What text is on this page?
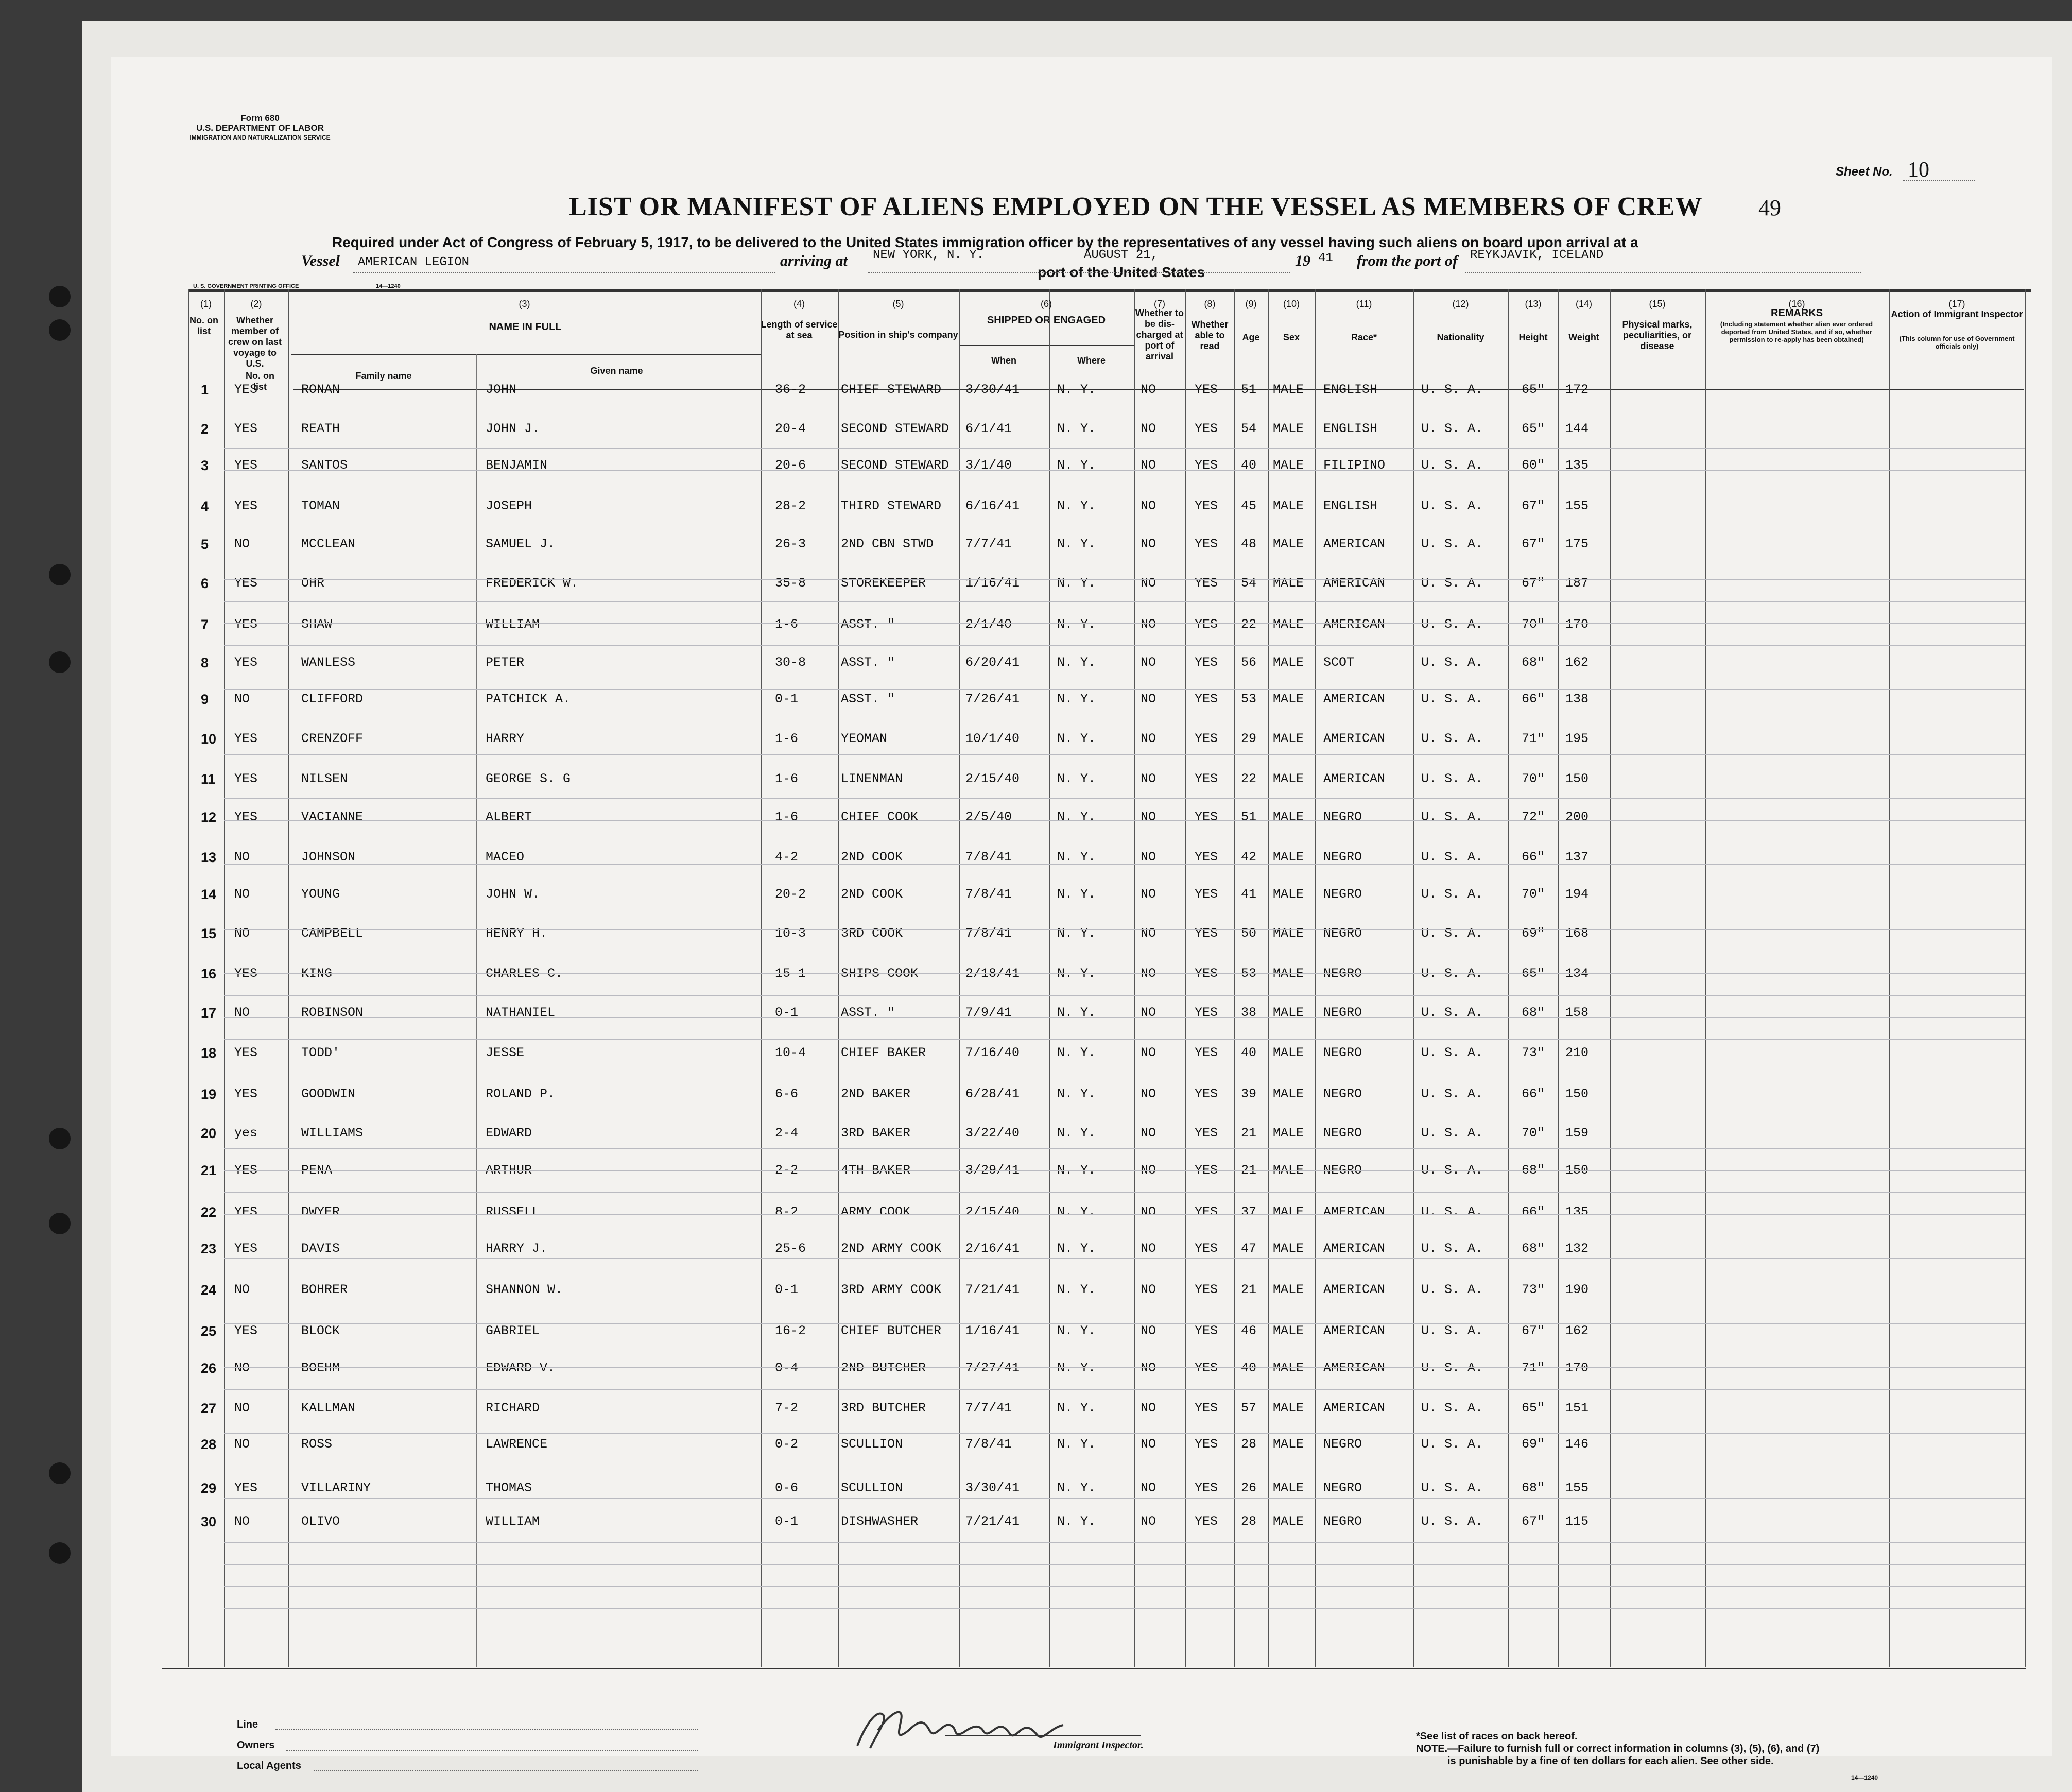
Form 680
U.S. DEPARTMENT OF LABOR
IMMIGRATION AND NATURALIZATION SERVICE
Sheet No. 10
LIST OR MANIFEST OF ALIENS EMPLOYED ON THE VESSEL AS MEMBERS OF CREW 49
Required under Act of Congress of February 5, 1917, to be delivered to the United States immigration officer by the representatives of any vessel having such aliens on board upon arrival at a
port of the United States
Vessel AMERICAN LEGION	arriving at NEW YORK, N. Y.	AUGUST 21,	19 41 from the port of REYKJAVIK, ICELAND
U. S. GOVERNMENT PRINTING OFFICE	14—1240
No. on list
No. on list
Whether member of crew on last voyage to U.S.
NAME IN FULL
Family name	Given name
Length of service at sea	Position in ship's company
SHIPPED OR ENGAGED
When	Where
Whether to be dis-charged at port of arrival
Whether able to read
Age	Sex	Race*	Nationality	Height	Weight
Physical marks, peculiarities, or disease
REMARKS
(Including statement whether alien ever ordered deported from United States, and if so, whether permission to re-apply has been obtained)
Action of Immigrant Inspector
(This column for use of Government officials only)
1 YES	RONAN	JOHN	36-2	CHIEF STEWARD 3/30/41	N. Y.	NO	YES 51 MALE ENGLISH	U. S. A.	65" 172
2 YES	REATH	JOHN J.	20-4	SECOND STEWARD 6/1/41	N. Y.	NO	YES 54 MALE ENGLISH	U. S. A.	65" 144
3 YES	SANTOS	BENJAMIN	20-6	SECOND STEWARD 3/1/40	N. Y.	NO	YES 40 MALE FILIPINO	U. S. A.	60" 135
4 YES	TOMAN	JOSEPH	28-2	THIRD STEWARD 6/16/41	N. Y.	NO	YES 45 MALE ENGLISH	U. S. A.	67" 155
5 NO	MCCLEAN	SAMUEL J.	26-3	2ND CBN STWD 7/7/41	N. Y.	NO	YES 48 MALE AMERICAN	U. S. A.	67" 175
6 YES	OHR	FREDERICK W.	35-8	STOREKEEPER	1/16/41	N. Y.	NO	YES 54 MALE AMERICAN	U. S. A.	67" 187
7 YES	SHAW	WILLIAM	1-6	ASST. "	2/1/40	N. Y.	NO	YES 22 MALE AMERICAN	U. S. A.	70" 170
8 YES	WANLESS	PETER	30-8	ASST. "	6/20/41	N. Y.	NO	YES 56 MALE SCOT	U. S. A.	68" 162
9 NO	CLIFFORD	PATCHICK A.	0-1	ASST. "	7/26/41	N. Y.	NO	YES 53 MALE AMERICAN	U. S. A.	66" 138
10 YES	CRENZOFF	HARRY	1-6	YEOMAN	10/1/40	N. Y.	NO	YES 29 MALE AMERICAN	U. S. A.	71" 195
11 YES	NILSEN	GEORGE S. G	1-6	LINENMAN	2/15/40	N. Y.	NO	YES 22 MALE AMERICAN	U. S. A.	70" 150
12 YES	VACIANNE	ALBERT	1-6	CHIEF COOK	2/5/40	N. Y.	NO	YES 51 MALE NEGRO	U. S. A.	72" 200
13 NO	JOHNSON	MACEO	4-2	2ND COOK	7/8/41	N. Y.	NO	YES 42 MALE NEGRO	U. S. A.	66" 137
14 NO	YOUNG	JOHN W.	20-2	2ND COOK	7/8/41	N. Y.	NO	YES 41 MALE NEGRO	U. S. A.	70" 194
15 NO	CAMPBELL	HENRY H.	10-3	3RD COOK	7/8/41	N. Y.	NO	YES 50 MALE NEGRO	U. S. A.	69" 168
16 YES	KING	CHARLES C.	15-1	SHIPS COOK	2/18/41	N. Y.	NO	YES 53 MALE NEGRO	U. S. A.	65" 134
17 NO	ROBINSON	NATHANIEL	0-1	ASST. "	7/9/41	N. Y.	NO	YES 38 MALE NEGRO	U. S. A.	68" 158
18 YES	TODD'	JESSE	10-4	CHIEF BAKER	7/16/40	N. Y.	NO	YES 40 MALE NEGRO	U. S. A.	73" 210
19 YES	GOODWIN	ROLAND P.	6-6	2ND BAKER	6/28/41	N. Y.	NO	YES 39 MALE NEGRO	U. S. A.	66" 150
20 yes	WILLIAMS	EDWARD	2-4	3RD BAKER	3/22/40	N. Y.	NO	YES 21 MALE NEGRO	U. S. A.	70" 159
21 YES	PENA	ARTHUR	2-2	4TH BAKER	3/29/41	N. Y.	NO	YES 21 MALE NEGRO	U. S. A.	68" 150
22 YES	DWYER	RUSSELL	8-2	ARMY COOK	2/15/40	N. Y.	NO	YES 37 MALE AMERICAN	U. S. A.	66" 135
23 YES	DAVIS	HARRY J.	25-6	2ND ARMY COOK 2/16/41	N. Y.	NO	YES 47 MALE AMERICAN	U. S. A.	68" 132
24 NO	BOHRER	SHANNON W.	0-1	3RD ARMY COOK 7/21/41	N. Y.	NO	YES 21 MALE AMERICAN	U. S. A.	73" 190
25 YES	BLOCK	GABRIEL	16-2	CHIEF BUTCHER 1/16/41	N. Y.	NO	YES 46 MALE AMERICAN	U. S. A.	67" 162
26 NO	BOEHM	EDWARD V.	0-4	2ND BUTCHER	7/27/41	N. Y.	NO	YES 40 MALE AMERICAN	U. S. A.	71" 170
27 NO	KALLMAN	RICHARD	7-2	3RD BUTCHER	7/7/41	N. Y.	NO	YES 57 MALE AMERICAN	U. S. A.	65" 151
28 NO	ROSS	LAWRENCE	0-2	SCULLION	7/8/41	N. Y.	NO	YES 28 MALE NEGRO	U. S. A.	69" 146
29 YES	VILLARINY	THOMAS	0-6	SCULLION	3/30/41	N. Y.	NO	YES 26 MALE NEGRO	U. S. A.	68" 155
30 NO	OLIVO	WILLIAM	0-1	DISHWASHER	7/21/41	N. Y.	NO	YES 28 MALE NEGRO	U. S. A.	67" 115
Line
Owners
Local Agents
Immigrant Inspector.
*See list of races on back hereof.
NOTE.—Failure to furnish full or correct information in columns (3), (5), (6), and (7)
is punishable by a fine of ten dollars for each alien. See other side.
14—1240
(1)	(2)	(3)	(4)	(5)	(6)	(7)	(8)	(9)	(10)	(11)	(12)	(13)	(14)	(15)	(16)	(17)
